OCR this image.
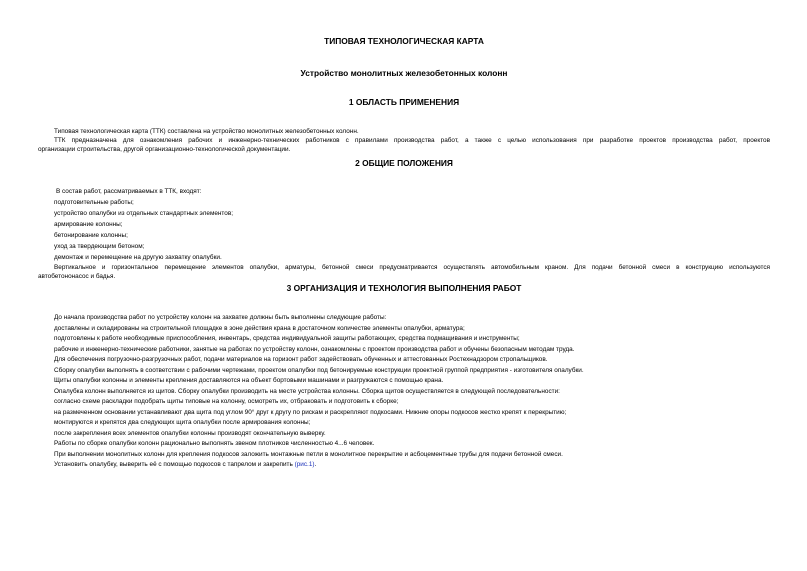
ТИПОВАЯ ТЕХНОЛОГИЧЕСКАЯ КАРТА
Устройство монолитных железобетонных колонн
1 ОБЛАСТЬ ПРИМЕНЕНИЯ
Типовая технологическая карта (ТТК) составлена на устройство монолитных железобетонных колонн.
ТТК предназначена для ознакомления рабочих и инженерно-технических работников с правилами производства работ, а также с целью использования при разработке проектов производства работ, проектов
организации строительства, другой организационно-технологической документации.
2 ОБЩИЕ ПОЛОЖЕНИЯ
В состав работ, рассматриваемых в ТТК, входят:
подготовительные работы;
устройство опалубки из отдельных стандартных элементов;
армирование колонны;
бетонирование колонны;
уход за твердеющим бетоном;
демонтаж и перемещение на другую захватку опалубки.
Вертикальное и горизонтальное перемещение элементов опалубки, арматуры, бетонной смеси предусматривается осуществлять автомобильным краном. Для подачи бетонной смеси в конструкцию используются
автобетононасос и бадья.
3 ОРГАНИЗАЦИЯ И ТЕХНОЛОГИЯ ВЫПОЛНЕНИЯ РАБОТ
До начала производства работ по устройству колонн на захватке должны быть выполнены следующие работы:
доставлены и складированы на строительной площадке в зоне действия крана в достаточном количестве элементы опалубки, арматура;
подготовлены к работе необходимые приспособления, инвентарь, средства индивидуальной защиты работающих, средства подмащивания и инструменты;
рабочие и инженерно-технические работники, занятые на работах по устройству колонн, ознакомлены с проектом производства работ и обучены безопасным методам труда.
Для обеспечения погрузочно-разгрузочных работ, подачи материалов на горизонт работ задействовать обученных и аттестованных Ростехнадзором стропальщиков.
Сборку опалубки выполнять в соответствии с рабочими чертежами, проектом опалубки под бетонируемые конструкции проектной группой предприятия - изготовителя опалубки.
Щиты опалубки колонны и элементы крепления доставляются на объект бортовыми машинами и разгружаются с помощью крана.
Опалубка колонн выполняется из щитов. Сборку опалубки производить на месте устройства колонны. Сборка щитов осуществляется в следующей последовательности:
согласно схеме раскладки подобрать щиты типовые на колонну, осмотреть их, отбраковать и подготовить к сборке;
на размеченном основании устанавливают два щита под углом 90° друг к другу по рискам и раскрепляют подкосами. Нижние опоры подкосов жестко крепят к перекрытию;
монтируются и крепятся два следующих щита опалубки после армирования колонны;
после закрепления всех элементов опалубки колонны производят окончательную выверку.
Работы по сборке опалубки колонн рационально выполнять звеном плотников численностью 4...6 человек.
При выполнении монолитных колонн для крепления подкосов заложить монтажные петли в монолитное перекрытие и асбоцементные трубы для подачи бетонной смеси.
Установить опалубку, выверить её с помощью подкосов с тапрелом и закрепить (рис.1).
